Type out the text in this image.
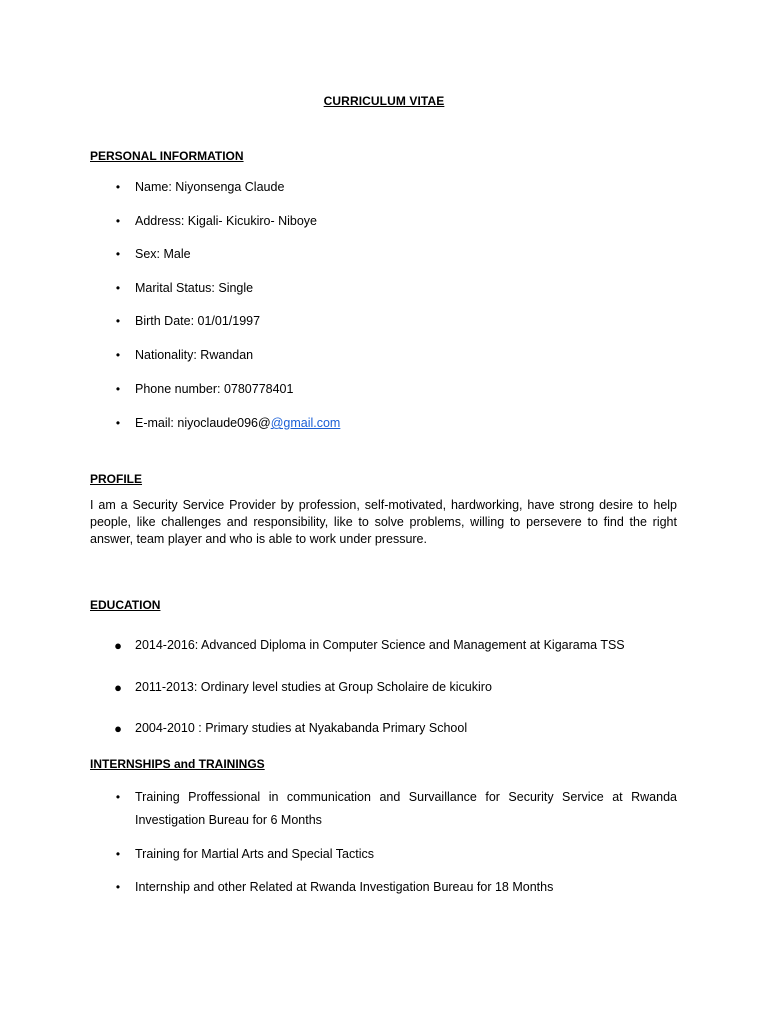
CURRICULUM VITAE
PERSONAL INFORMATION
• Name: Niyonsenga Claude
• Address: Kigali- Kicukiro- Niboye
• Sex: Male
• Marital Status: Single
• Birth Date: 01/01/1997
• Nationality: Rwandan
• Phone number: 0780778401
• E-mail: niyoclaude096@@gmail.com
PROFILE
I am a Security Service Provider by profession, self-motivated, hardworking, have strong desire to help people, like challenges and responsibility, like to solve problems, willing to persevere to find the right answer, team player and who is able to work under pressure.
EDUCATION
● 2014-2016: Advanced Diploma in Computer Science and Management at Kigarama TSS
● 2011-2013: Ordinary level studies at Group Scholaire de kicukiro
● 2004-2010 : Primary studies at Nyakabanda Primary School
INTERNSHIPS and TRAININGS
• Training Proffessional in communication and Survaillance for Security Service at Rwanda Investigation Bureau for 6 Months
• Training for Martial Arts and Special Tactics
• Internship and other Related at Rwanda Investigation Bureau for 18 Months
